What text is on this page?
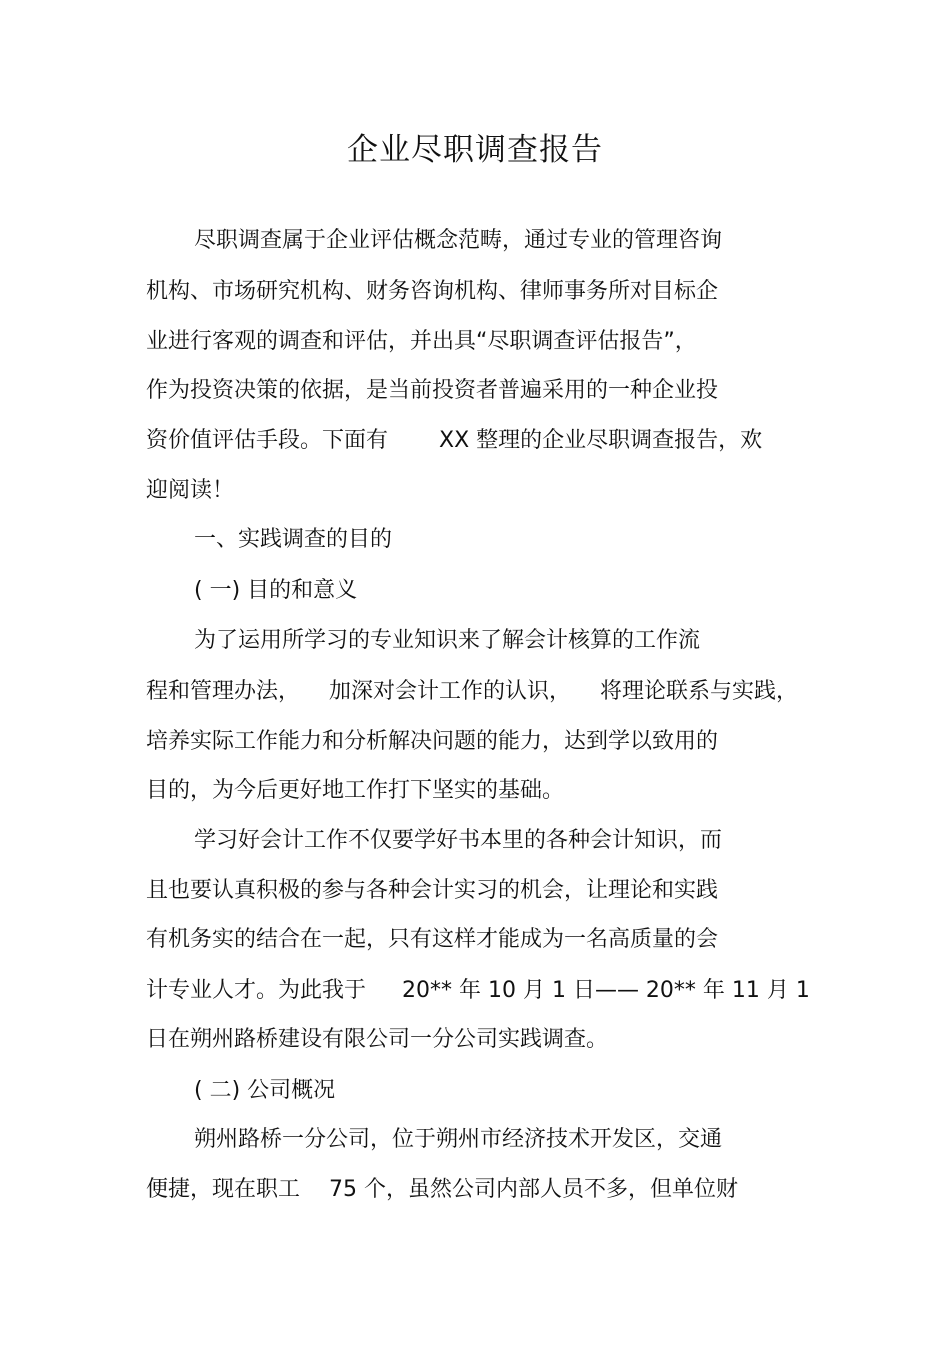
企业尽职调查报告
尽职调查属于企业评估概念范畴，通过专业的管理咨询
机构、市场研究机构、财务咨询机构、律师事务所对目标企
业进行客观的调查和评估，并出具“尽职调查评估报告”，
作为投资决策的依据，是当前投资者普遍采用的一种企业投
资价值评估手段。下面有 　　XX 整理的企业尽职调查报告，欢
迎阅读！
一、实践调查的目的
( 一) 目的和意义
为了运用所学习的专业知识来了解会计核算的工作流
程和管理办法， 　加深对会计工作的认识， 　将理论联系与实践，
培养实际工作能力和分析解决问题的能力，达到学以致用的
目的，为今后更好地工作打下坚实的基础。
学习好会计工作不仅要学好书本里的各种会计知识，而
且也要认真积极的参与各种会计实习的机会，让理论和实践
有机务实的结合在一起，只有这样才能成为一名高质量的会
计专业人才。为此我于 　 20** 年 10 月 1 日—— 20** 年 11 月 1
日在朔州路桥建设有限公司一分公司实践调查。
( 二) 公司概况
朔州路桥一分公司，位于朔州市经济技术开发区，交通
便捷，现在职工 　75 个，虽然公司内部人员不多，但单位财
